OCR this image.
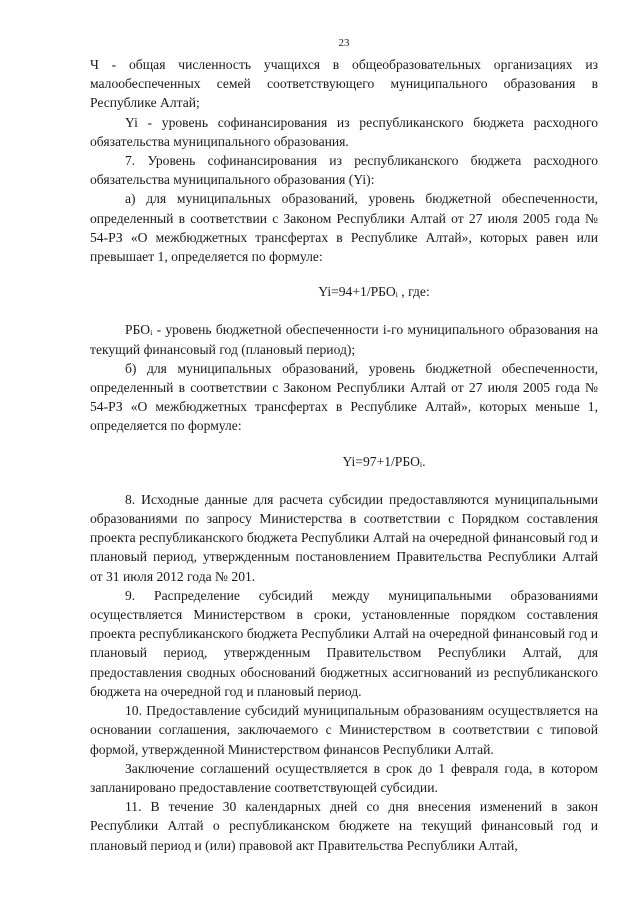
23

Ч - общая численность учащихся в общеобразовательных организациях из малообеспеченных семей соответствующего муниципального образования в Республике Алтай;

Yi - уровень софинансирования из республиканского бюджета расходного обязательства муниципального образования.

7. Уровень софинансирования из республиканского бюджета расходного обязательства муниципального образования (Yi):

а) для муниципальных образований, уровень бюджетной обеспеченности, определенный в соответствии с Законом Республики Алтай от 27 июля 2005 года № 54-РЗ «О межбюджетных трансфертах в Республике Алтай», которых равен или превышает 1, определяется по формуле:

Yi=94+1/РБОᵢ , где:

РБОᵢ - уровень бюджетной обеспеченности i-го муниципального образования на текущий финансовый год (плановый период);

б) для муниципальных образований, уровень бюджетной обеспеченности, определенный в соответствии с Законом Республики Алтай от 27 июля 2005 года № 54-РЗ «О межбюджетных трансфертах в Республике Алтай», которых меньше 1, определяется по формуле:

Yi=97+1/РБОᵢ.

8. Исходные данные для расчета субсидии предоставляются муниципальными образованиями по запросу Министерства в соответствии с Порядком составления проекта республиканского бюджета Республики Алтай на очередной финансовый год и плановый период, утвержденным постановлением Правительства Республики Алтай от 31 июля 2012 года № 201.

9. Распределение субсидий между муниципальными образованиями осуществляется Министерством в сроки, установленные порядком составления проекта республиканского бюджета Республики Алтай на очередной финансовый год и плановый период, утвержденным Правительством Республики Алтай, для предоставления сводных обоснований бюджетных ассигнований из республиканского бюджета на очередной год и плановый период.

10. Предоставление субсидий муниципальным образованиям осуществляется на основании соглашения, заключаемого с Министерством в соответствии с типовой формой, утвержденной Министерством финансов Республики Алтай.

Заключение соглашений осуществляется в срок до 1 февраля года, в котором запланировано предоставление соответствующей субсидии.

11. В течение 30 календарных дней со дня внесения изменений в закон Республики Алтай о республиканском бюджете на текущий финансовый год и плановый период и (или) правовой акт Правительства Республики Алтай,
